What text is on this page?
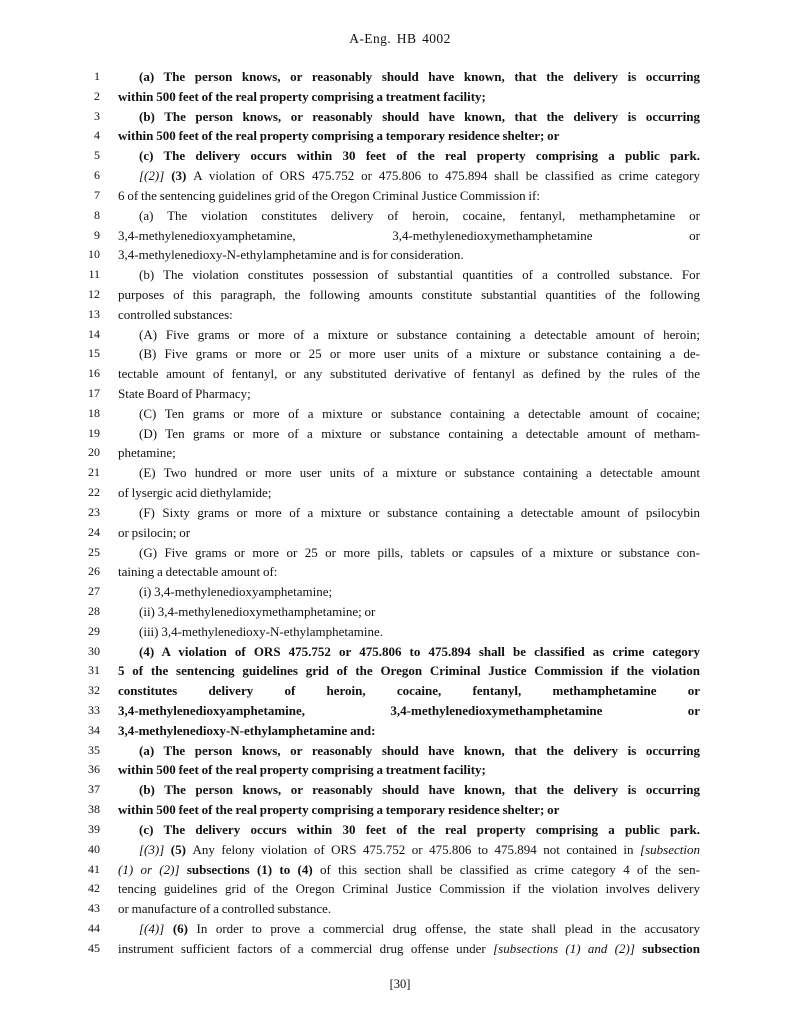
A-Eng. HB 4002
1	(a) The person knows, or reasonably should have known, that the delivery is occurring
2 within 500 feet of the real property comprising a treatment facility;
3	(b) The person knows, or reasonably should have known, that the delivery is occurring
4 within 500 feet of the real property comprising a temporary residence shelter; or
5	(c) The delivery occurs within 30 feet of the real property comprising a public park.
6	[(2)] (3) A violation of ORS 475.752 or 475.806 to 475.894 shall be classified as crime category
7 6 of the sentencing guidelines grid of the Oregon Criminal Justice Commission if:
8	(a) The violation constitutes delivery of heroin, cocaine, fentanyl, methamphetamine or
9 3,4-methylenedioxyamphetamine, 3,4-methylenedioxymethamphetamine or
10 3,4-methylenedioxy-N-ethylamphetamine and is for consideration.
11	(b) The violation constitutes possession of substantial quantities of a controlled substance. For
12 purposes of this paragraph, the following amounts constitute substantial quantities of the following
13 controlled substances:
14	(A) Five grams or more of a mixture or substance containing a detectable amount of heroin;
15	(B) Five grams or more or 25 or more user units of a mixture or substance containing a de-
16 tectable amount of fentanyl, or any substituted derivative of fentanyl as defined by the rules of the
17 State Board of Pharmacy;
18	(C) Ten grams or more of a mixture or substance containing a detectable amount of cocaine;
19	(D) Ten grams or more of a mixture or substance containing a detectable amount of metham-
20 phetamine;
21	(E) Two hundred or more user units of a mixture or substance containing a detectable amount
22 of lysergic acid diethylamide;
23	(F) Sixty grams or more of a mixture or substance containing a detectable amount of psilocybin
24 or psilocin; or
25	(G) Five grams or more or 25 or more pills, tablets or capsules of a mixture or substance con-
26 taining a detectable amount of:
27	(i) 3,4-methylenedioxyamphetamine;
28	(ii) 3,4-methylenedioxymethamphetamine; or
29	(iii) 3,4-methylenedioxy-N-ethylamphetamine.
30	(4) A violation of ORS 475.752 or 475.806 to 475.894 shall be classified as crime category
31 5 of the sentencing guidelines grid of the Oregon Criminal Justice Commission if the violation
32 constitutes delivery of heroin, cocaine, fentanyl, methamphetamine or
33 3,4-methylenedioxyamphetamine, 3,4-methylenedioxymethamphetamine or
34 3,4-methylenedioxy-N-ethylamphetamine and:
35	(a) The person knows, or reasonably should have known, that the delivery is occurring
36 within 500 feet of the real property comprising a treatment facility;
37	(b) The person knows, or reasonably should have known, that the delivery is occurring
38 within 500 feet of the real property comprising a temporary residence shelter; or
39	(c) The delivery occurs within 30 feet of the real property comprising a public park.
40	[(3)] (5) Any felony violation of ORS 475.752 or 475.806 to 475.894 not contained in [subsection
41 (1) or (2)] subsections (1) to (4) of this section shall be classified as crime category 4 of the sen-
42 tencing guidelines grid of the Oregon Criminal Justice Commission if the violation involves delivery
43 or manufacture of a controlled substance.
44	[(4)] (6) In order to prove a commercial drug offense, the state shall plead in the accusatory
45 instrument sufficient factors of a commercial drug offense under [subsections (1) and (2)] subsection
[30]
